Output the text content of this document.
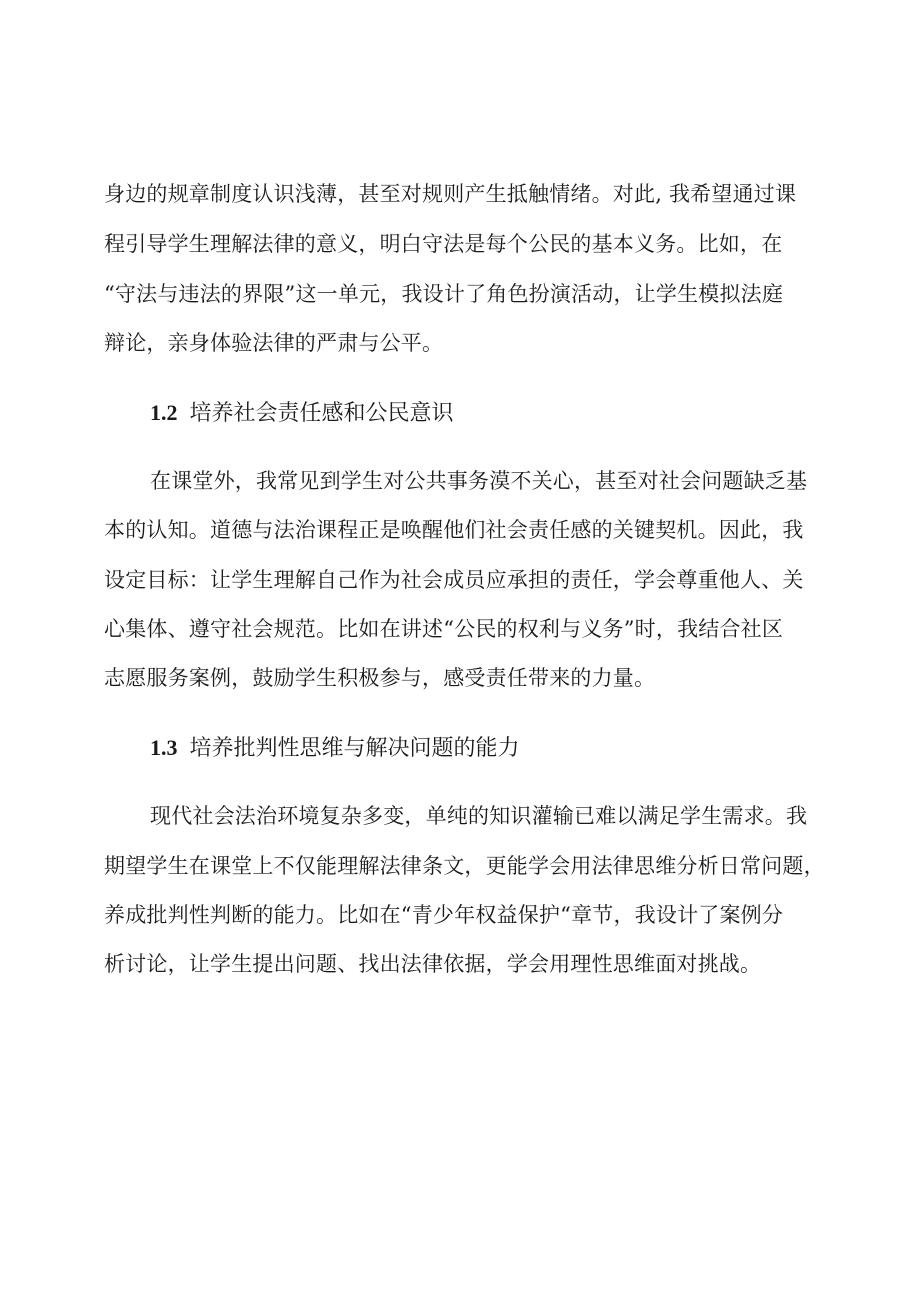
身边的规章制度认识浅薄，甚至对规则产生抵触情绪。对此, 我希望通过课
程引导学生理解法律的意义，明白守法是每个公民的基本义务。比如，在
“守法与违法的界限”这一单元，我设计了角色扮演活动，让学生模拟法庭
辩论，亲身体验法律的严肃与公平。
1.2 培养社会责任感和公民意识
在课堂外，我常见到学生对公共事务漠不关心，甚至对社会问题缺乏基
本的认知。道德与法治课程正是唤醒他们社会责任感的关键契机。因此，我
设定目标：让学生理解自己作为社会成员应承担的责任，学会尊重他人、关
心集体、遵守社会规范。比如在讲述“公民的权利与义务”时，我结合社区
志愿服务案例，鼓励学生积极参与，感受责任带来的力量。
1.3 培养批判性思维与解决问题的能力
现代社会法治环境复杂多变，单纯的知识灌输已难以满足学生需求。我
期望学生在课堂上不仅能理解法律条文，更能学会用法律思维分析日常问题，
养成批判性判断的能力。比如在“青少年权益保护“章节，我设计了案例分
析讨论，让学生提出问题、找出法律依据，学会用理性思维面对挑战。
